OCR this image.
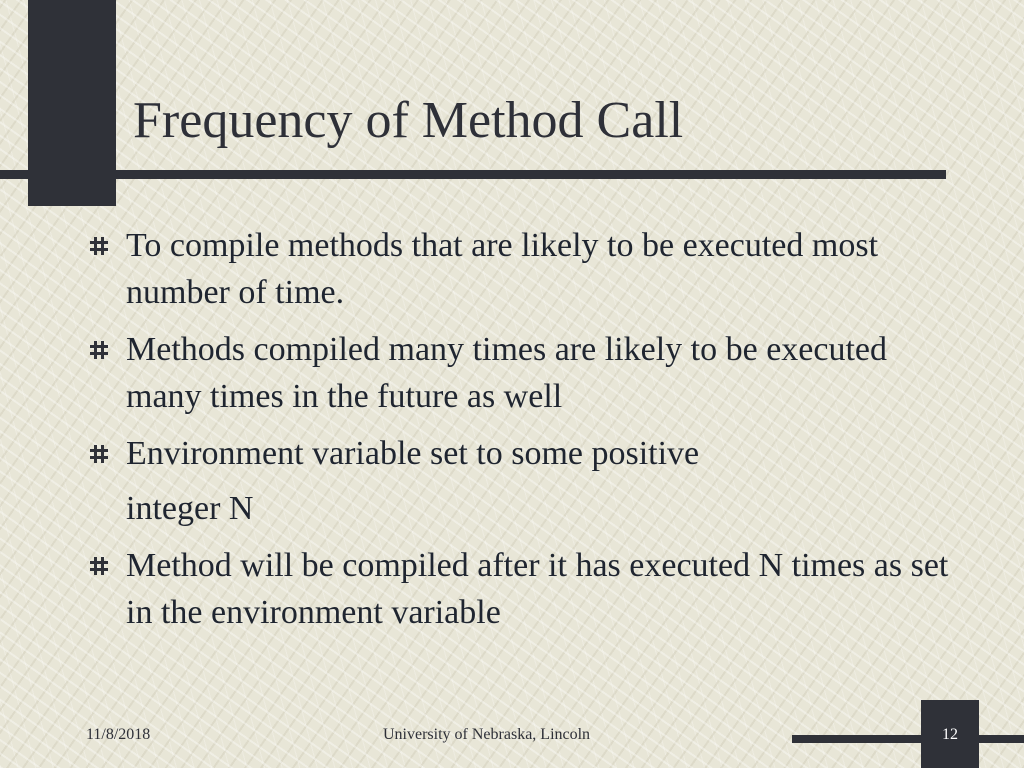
Frequency of Method Call
To compile methods that are likely to be executed most number of time.
Methods compiled many times are likely to be executed many times in the future as well
Environment variable set to some positive
integer N
Method will be compiled after it has executed N times as set in the environment variable
11/8/2018	University of Nebraska, Lincoln	12
